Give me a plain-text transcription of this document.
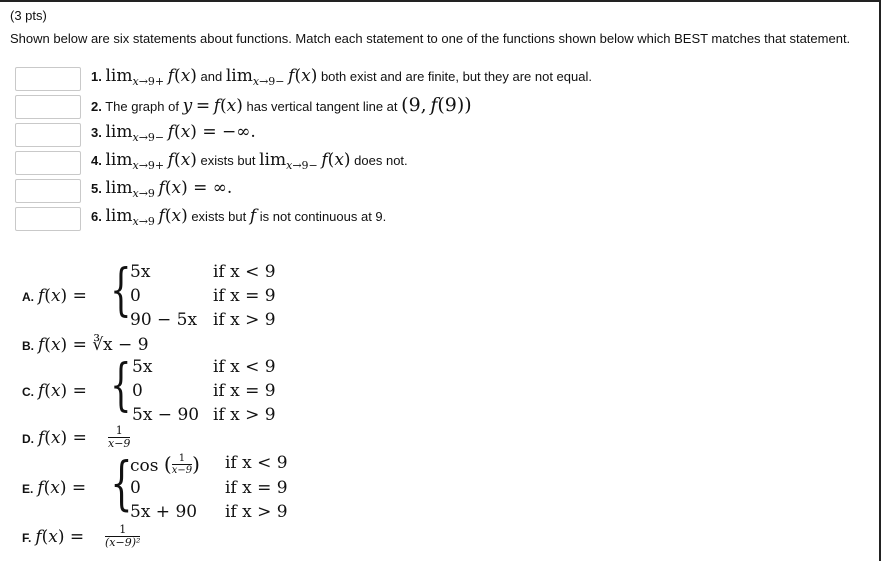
(3 pts)
Shown below are six statements about functions. Match each statement to one of the functions shown below which BEST matches that statement.
1. $\lim_{x\to 9+} f(x)$ and $\lim_{x\to 9-} f(x)$ both exist and are finite, but they are not equal.
2. The graph of y = f(x) has vertical tangent line at (9, f(9))
3. $\lim_{x\to 9-} f(x)$ = −∞.
4. $\lim_{x\to 9+} f(x)$ exists but $\lim_{x\to 9-} f(x)$ does not.
5. $\lim_{x\to 9} f(x)$ = ∞.
6. $\lim_{x\to 9} f(x)$ exists but f is not continuous at 9.
A. f(x) = {
5x	if x < 9
0	if x = 9
90 − 5x if x > 9
B. f(x) = ∛x − 9
C. f(x) = { 5x	if x < 9
0	if x = 9
5x − 90 if x > 9
D. $f(x) = \frac{1}{x-9}$
E. f(x) = {
cos ( $\frac{1}{x-9}$ ) if x < 9
0	if x = 9
5x + 90 if x > 9
F. $f(x) = \frac{1}{\text{(x−9)²}}$
